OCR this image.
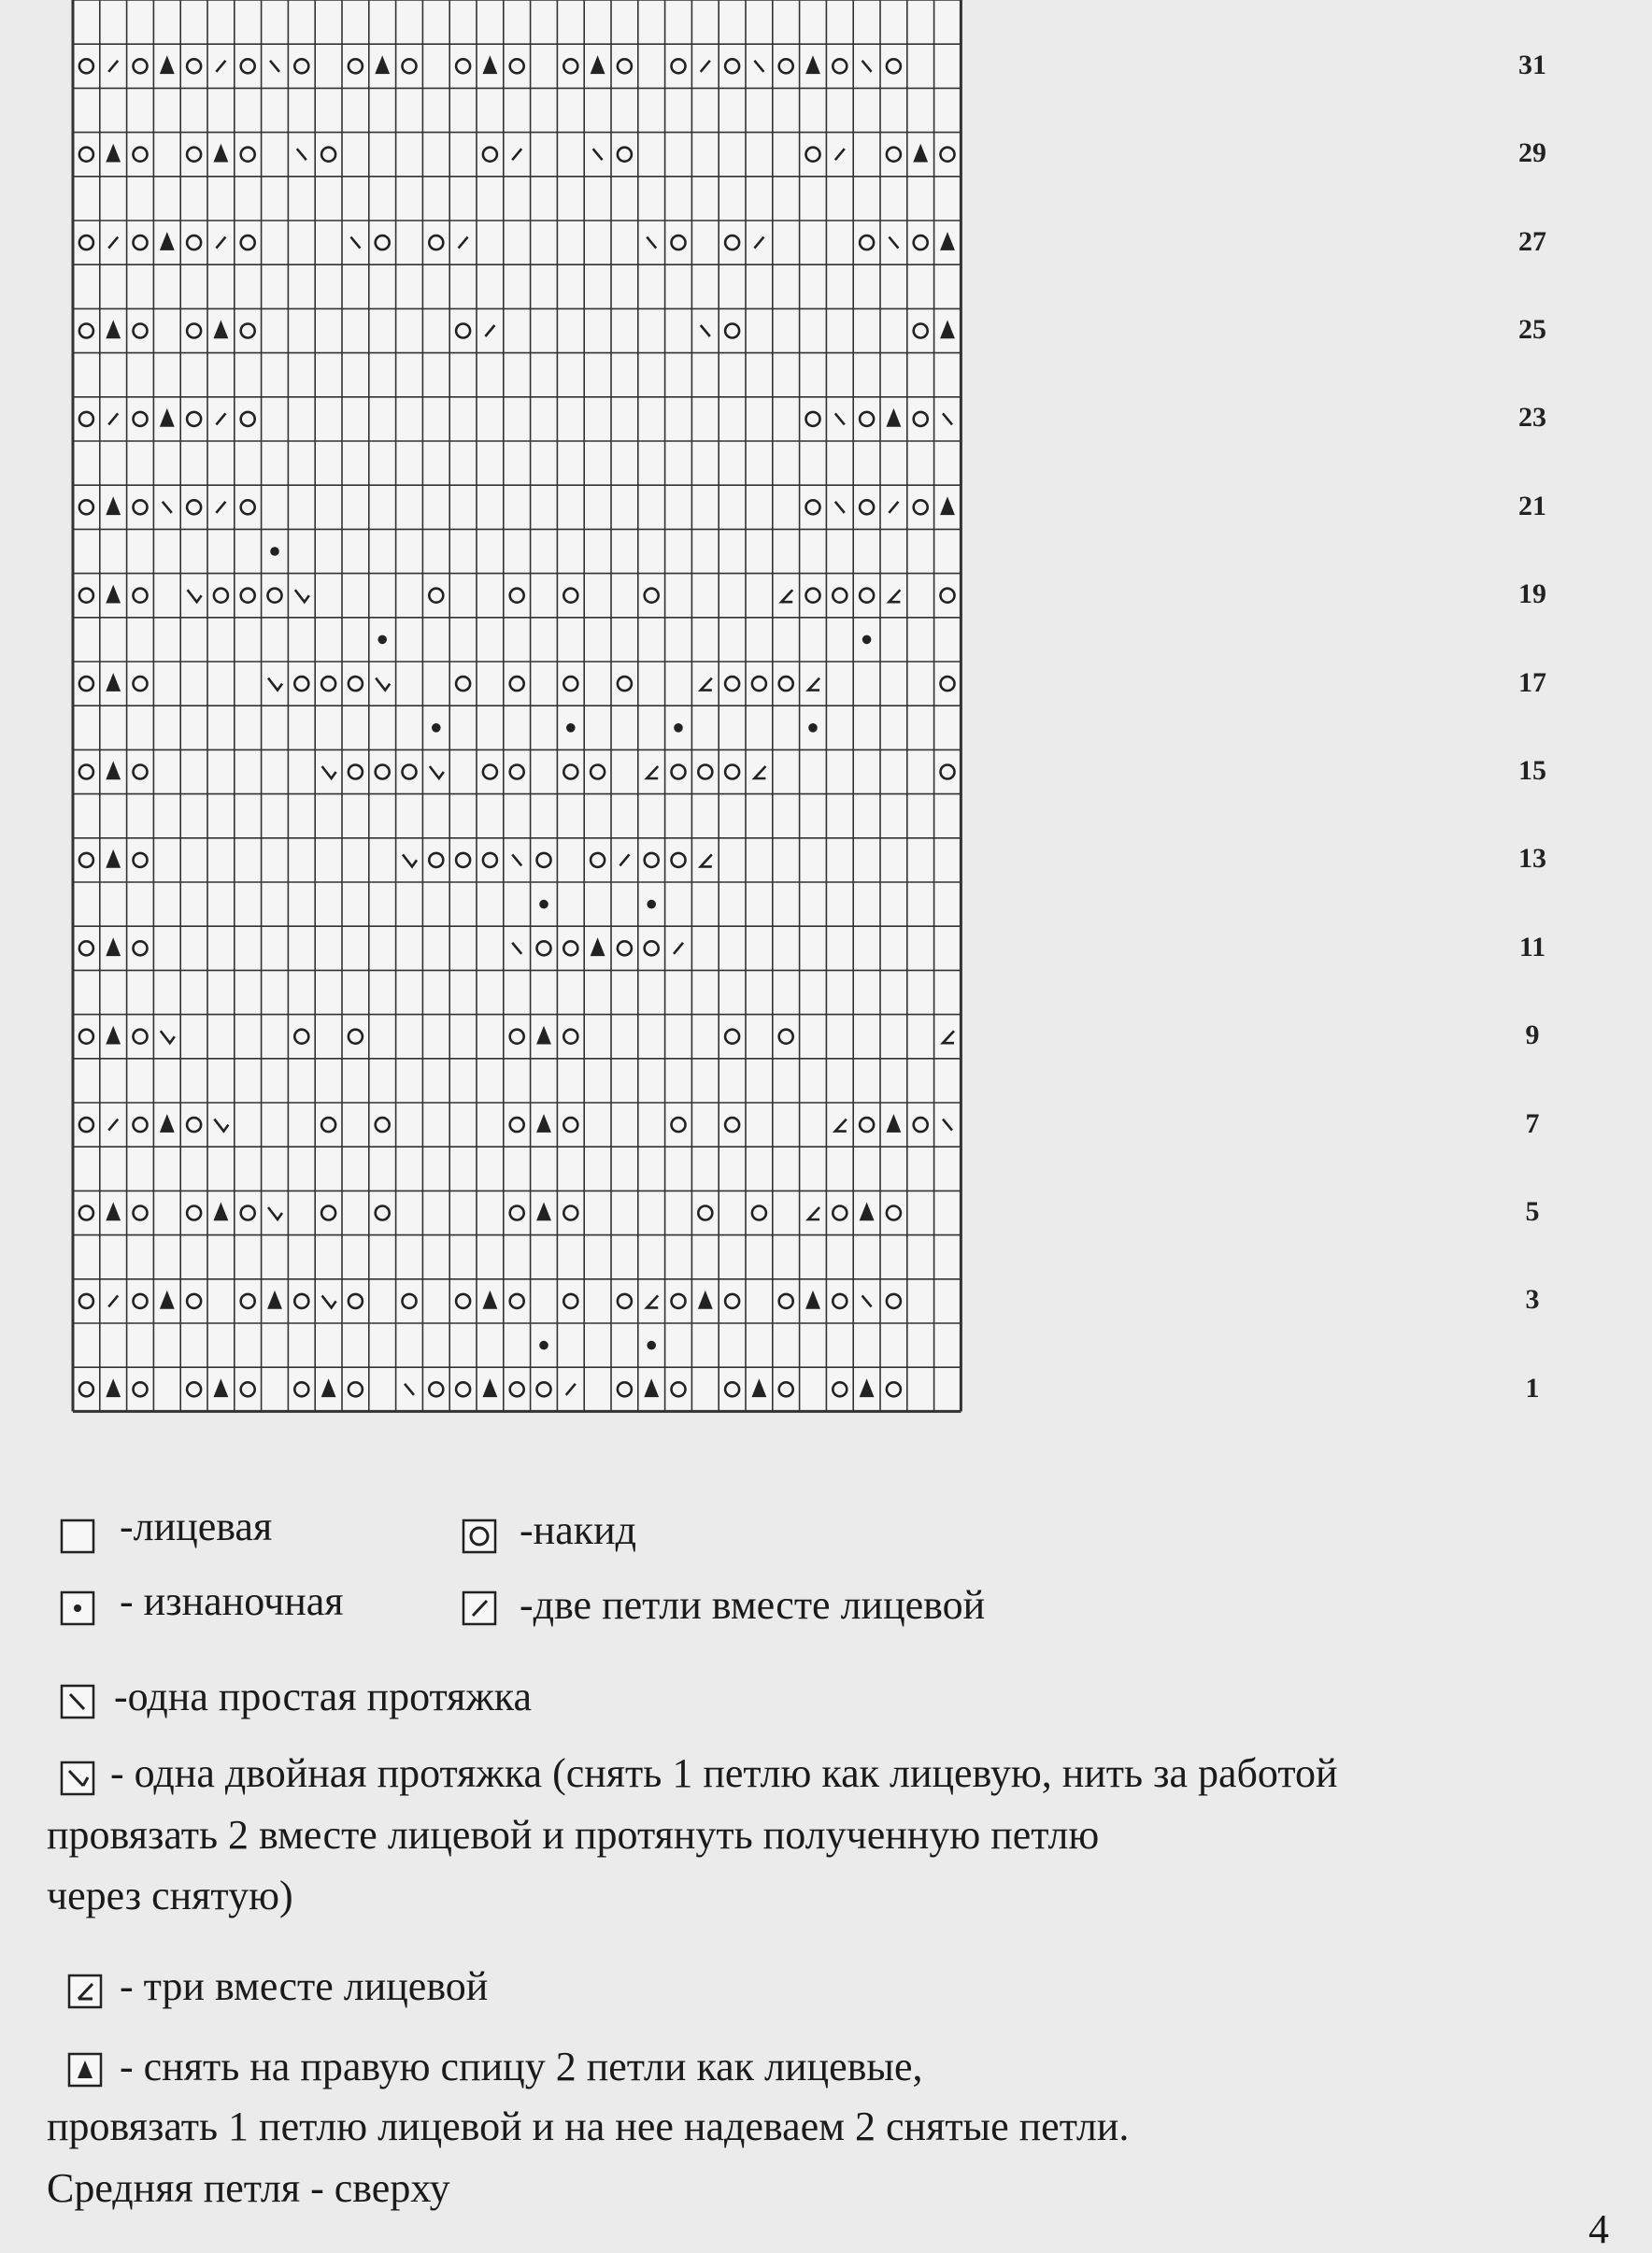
31
29
27
25
23
21
19
17
15
13
11
9
7
5
3
1
-лицевая	-накид
- изнаночная	-две петли вместе лицевой
-одна простая протяжка
- одна двойная протяжка (снять 1 петлю как лицевую, нить за работой
провязать 2 вместе лицевой и протянуть полученную петлю
через снятую)
- три вместе лицевой
- снять на правую спицу 2 петли как лицевые,
провязать 1 петлю лицевой и на нее надеваем 2 снятые петли.
Средняя петля - сверху
4
